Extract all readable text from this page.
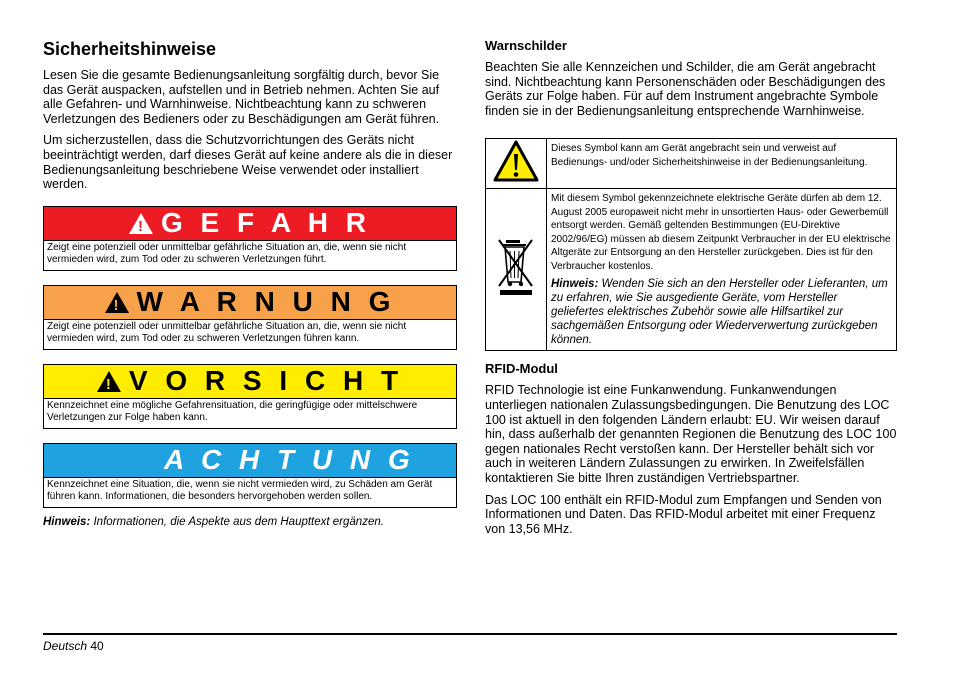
Sicherheitshinweise

Lesen Sie die gesamte Bedienungsanleitung sorgfältig durch, bevor Sie das Gerät auspacken, aufstellen und in Betrieb nehmen. Achten Sie auf alle Gefahren- und Warnhinweise. Nichtbeachtung kann zu schweren Verletzungen des Bedieners oder zu Beschädigungen am Gerät führen.

Um sicherzustellen, dass die Schutzvorrichtungen des Geräts nicht beeinträchtigt werden, darf dieses Gerät auf keine andere als die in dieser Bedienungsanleitung beschriebene Weise verwendet oder installiert werden.

! G E F A H R
Zeigt eine potenziell oder unmittelbar gefährliche Situation an, die, wenn sie nicht vermieden wird, zum Tod oder zu schweren Verletzungen führt.
! W A R N U N G
Zeigt eine potenziell oder unmittelbar gefährliche Situation an, die, wenn sie nicht vermieden wird, zum Tod oder zu schweren Verletzungen führen kann.
! V O R S I C H T
Kennzeichnet eine mögliche Gefahrensituation, die geringfügige oder mittelschwere Verletzungen zur Folge haben kann.
A C H T U N G
Kennzeichnet eine Situation, die, wenn sie nicht vermieden wird, zu Schäden am Gerät führen kann. Informationen, die besonders hervorgehoben werden sollen.
Hinweis: Informationen, die Aspekte aus dem Haupttext ergänzen.
Warnschilder

Beachten Sie alle Kennzeichen und Schilder, die am Gerät angebracht sind. Nichtbeachtung kann Personenschäden oder Beschädigungen des Geräts zur Folge haben. Für auf dem Instrument angebrachte Symbole finden sie in der Bedienungsanleitung entsprechende Warnhinweise.

	Dieses Symbol kann am Gerät angebracht sein und verweist auf Bedienungs- und/oder Sicherheitshinweise in der Bedienungsanleitung.

Mit diesem Symbol gekennzeichnete elektrische Geräte dürfen ab dem 12. August 2005 europaweit nicht mehr in unsortierten Haus- oder Gewerbemüll entsorgt werden. Gemäß geltenden Bestimmungen (EU-Direktive 2002/96/EG) müssen ab diesem Zeitpunkt Verbraucher in der EU elektrische Altgeräte zur Entsorgung an den Hersteller zurückgeben. Dies ist für den Verbraucher kostenlos.
Hinweis: Wenden Sie sich an den Hersteller oder Lieferanten, um zu erfahren, wie Sie ausgediente Geräte, vom Hersteller geliefertes elektrisches Zubehör sowie alle Hilfsartikel zur sachgemäßen Entsorgung oder Wiederverwertung zurückgeben können.
RFID-Modul

RFID Technologie ist eine Funkanwendung. Funkanwendungen unterliegen nationalen Zulassungsbedingungen. Die Benutzung des LOC 100 ist aktuell in den folgenden Ländern erlaubt: EU. Wir weisen darauf hin, dass außerhalb der genannten Regionen die Benutzung des LOC 100 gegen nationales Recht verstoßen kann. Der Hersteller behält sich vor auch in weiteren Ländern Zulassungen zu erwirken. In Zweifelsfällen kontaktieren Sie bitte Ihren zuständigen Vertriebspartner.

Das LOC 100 enthält ein RFID-Modul zum Empfangen und Senden von Informationen und Daten. Das RFID-Modul arbeitet mit einer Frequenz von 13,56 MHz.

Deutsch 40
